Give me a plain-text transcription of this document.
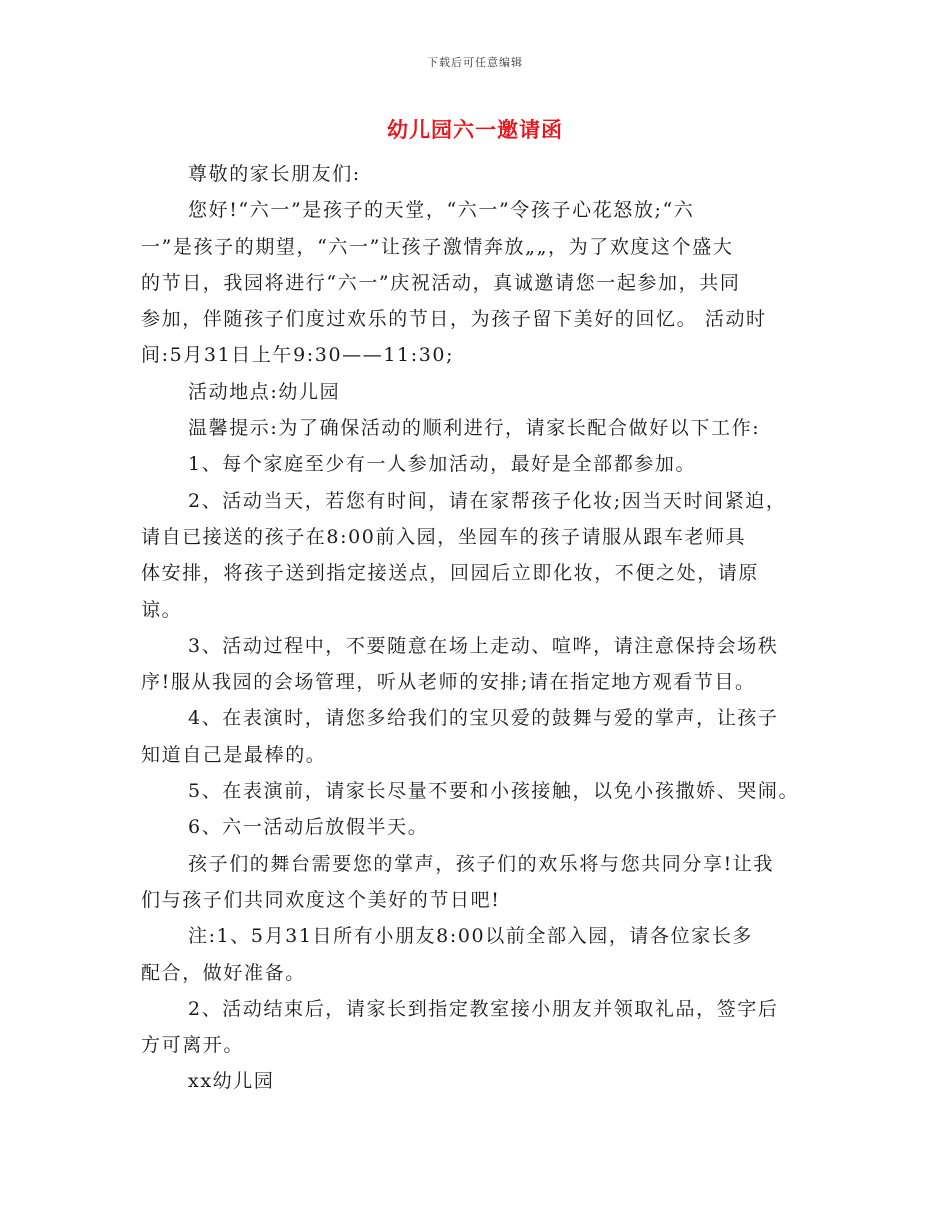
下载后可任意编辑
幼儿园六一邀请函
尊敬的家长朋友们:
您好!“六一”是孩子的天堂，“六一”令孩子心花怒放;“六
一”是孩子的期望，“六一”让孩子激情奔放„„，为了欢度这个盛大
的节日，我园将进行“六一”庆祝活动，真诚邀请您一起参加，共同
参加，伴随孩子们度过欢乐的节日，为孩子留下美好的回忆。 活动时
间:5月31日上午9:30——11:30;
活动地点:幼儿园
温馨提示:为了确保活动的顺利进行，请家长配合做好以下工作:
1、每个家庭至少有一人参加活动，最好是全部都参加。
2、活动当天，若您有时间，请在家帮孩子化妆;因当天时间紧迫，
请自已接送的孩子在8:00前入园，坐园车的孩子请服从跟车老师具
体安排，将孩子送到指定接送点，回园后立即化妆，不便之处，请原
谅。
3、活动过程中，不要随意在场上走动、喧哗，请注意保持会场秩
序!服从我园的会场管理，听从老师的安排;请在指定地方观看节目。
4、在表演时，请您多给我们的宝贝爱的鼓舞与爱的掌声，让孩子
知道自己是最棒的。
5、在表演前，请家长尽量不要和小孩接触，以免小孩撒娇、哭闹。
6、六一活动后放假半天。
孩子们的舞台需要您的掌声，孩子们的欢乐将与您共同分享!让我
们与孩子们共同欢度这个美好的节日吧!
注:1、5月31日所有小朋友8:00以前全部入园，请各位家长多
配合，做好准备。
2、活动结束后，请家长到指定教室接小朋友并领取礼品，签字后
方可离开。
xx幼儿园
